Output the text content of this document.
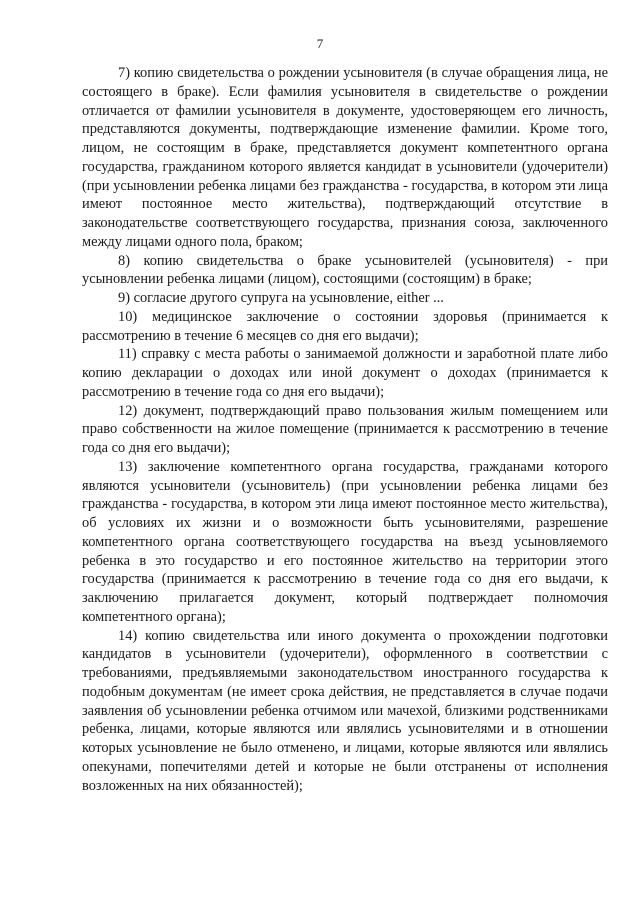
7

7) копию свидетельства о рождении усыновителя (в случае обращения лица, не состоящего в браке). Если фамилия усыновителя в свидетельстве о рождении отличается от фамилии усыновителя в документе, удостоверяющем его личность, представляются документы, подтверждающие изменение фамилии. Кроме того, лицом, не состоящим в браке, представляется документ компетентного органа государства, гражданином которого является кандидат в усыновители (удочерители) (при усыновлении ребенка лицами без гражданства - государства, в котором эти лица имеют постоянное место жительства), подтверждающий отсутствие в законодательстве соответствующего государства, признания союза, заключенного между лицами одного пола, браком;

8) копию свидетельства о браке усыновителей (усыновителя) - при усыновлении ребенка лицами (лицом), состоящими (состоящим) в браке;

9) согласие другого супруга на усыновление, either ...

10) медицинское заключение о состоянии здоровья (принимается к рассмотрению в течение 6 месяцев со дня его выдачи);

11) справку с места работы о занимаемой должности и заработной плате либо копию декларации о доходах или иной документ о доходах (принимается к рассмотрению в течение года со дня его выдачи);

12) документ, подтверждающий право пользования жилым помещением или право собственности на жилое помещение (принимается к рассмотрению в течение года со дня его выдачи);

13) заключение компетентного органа государства, гражданами которого являются усыновители (усыновитель) (при усыновлении ребенка лицами без гражданства - государства, в котором эти лица имеют постоянное место жительства), об условиях их жизни и о возможности быть усыновителями, разрешение компетентного органа соответствующего государства на въезд усыновляемого ребенка в это государство и его постоянное жительство на территории этого государства (принимается к рассмотрению в течение года со дня его выдачи, к заключению прилагается документ, который подтверждает полномочия компетентного органа);

14) копию свидетельства или иного документа о прохождении подготовки кандидатов в усыновители (удочерители), оформленного в соответствии с требованиями, предъявляемыми законодательством иностранного государства к подобным документам (не имеет срока действия, не представляется в случае подачи заявления об усыновлении ребенка отчимом или мачехой, близкими родственниками ребенка, лицами, которые являются или являлись усыновителями и в отношении которых усыновление не было отменено, и лицами, которые являются или являлись опекунами, попечителями детей и которые не были отстранены от исполнения возложенных на них обязанностей);
